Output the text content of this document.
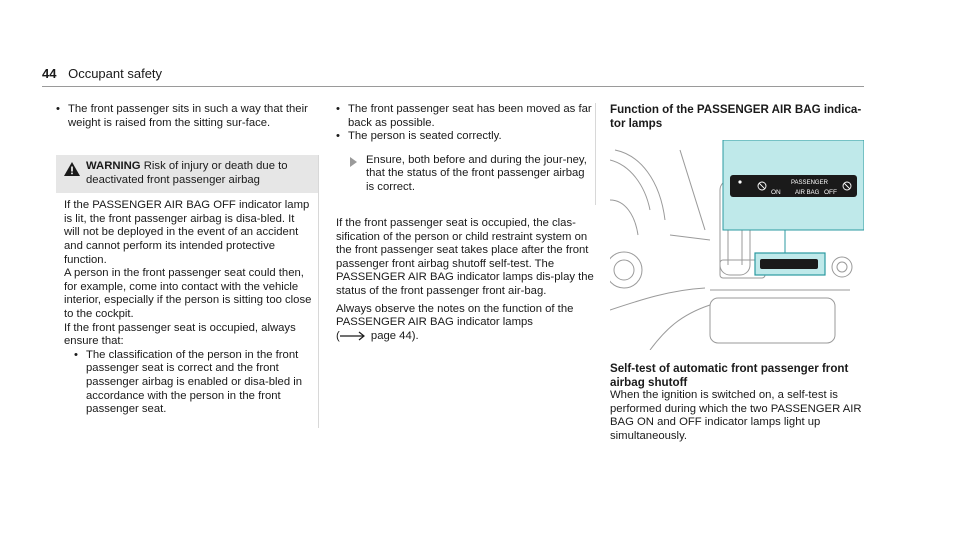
44 Occupant safety

• The front passenger sits in such a way that their weight is raised from the sitting sur-face.

WARNING Risk of injury or death due to deactivated front passenger airbag

If the PASSENGER AIR BAG OFF indicator lamp is lit, the front passenger airbag is disa-bled. It will not be deployed in the event of an accident and cannot perform its intended protective function.

A person in the front passenger seat could then, for example, come into contact with the vehicle interior, especially if the person is sitting too close to the cockpit.

If the front passenger seat is occupied, always ensure that:

• The classification of the person in the front passenger seat is correct and the front passenger airbag is enabled or disa-bled in accordance with the person in the front passenger seat.

• The front passenger seat has been moved as far back as possible.

• The person is seated correctly.

Ensure, both before and during the jour-ney, that the status of the front passenger airbag is correct.

If the front passenger seat is occupied, the clas-sification of the person or child restraint system on the front passenger seat takes place after the front passenger front airbag shutoff self-test. The PASSENGER AIR BAG indicator lamps dis-play the status of the front passenger front air-bag.

Always observe the notes on the function of the PASSENGER AIR BAG indicator lamps
(	page 44).

Function of the PASSENGER AIR BAG indica-tor lamps

ON
PASSENGER
AIR BAG OFF

Self-test of automatic front passenger front airbag shutoff

When the ignition is switched on, a self-test is performed during which the two PASSENGER AIR BAG ON and OFF indicator lamps light up simultaneously.
